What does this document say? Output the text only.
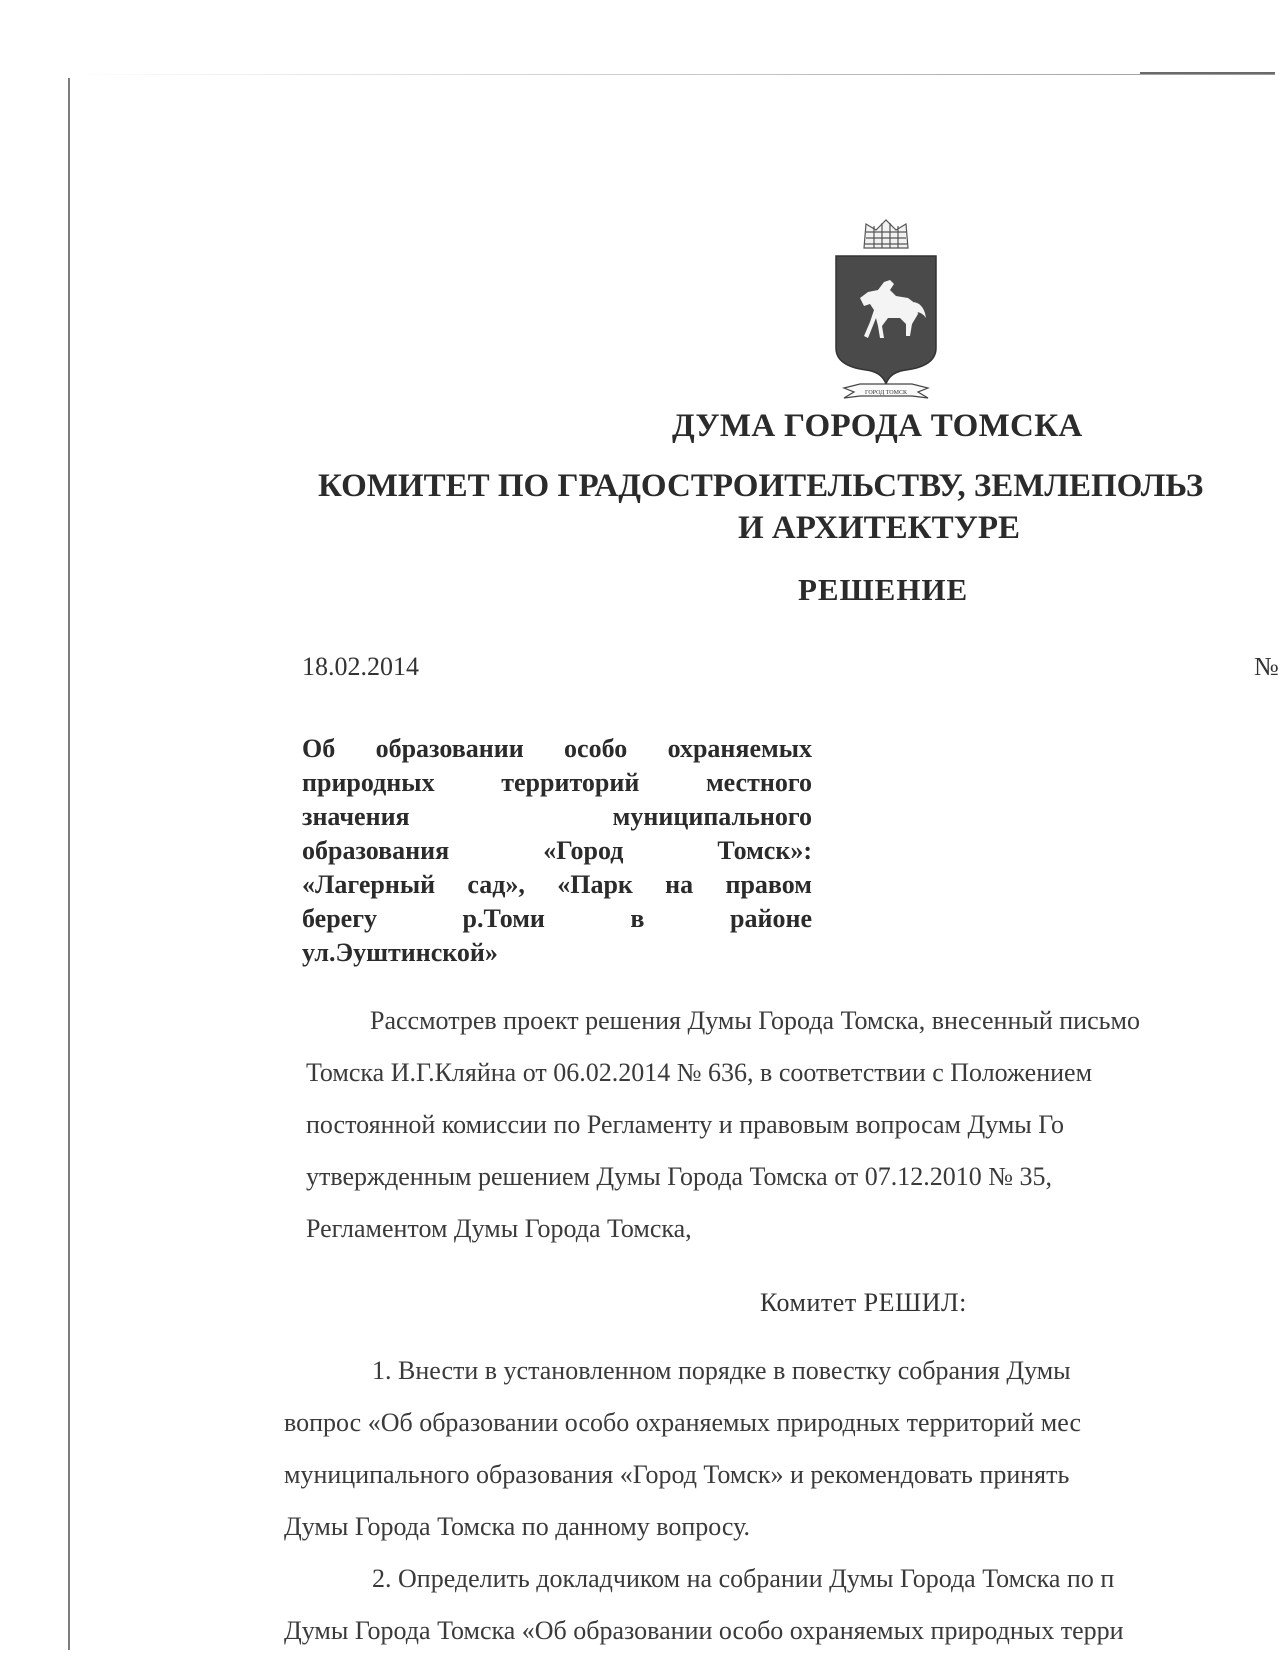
ГОРОД ТОМСК
ДУМА ГОРОДА ТОМСКА
КОМИТЕТ ПО ГРАДОСТРОИТЕЛЬСТВУ, ЗЕМЛЕПОЛЬЗ
И АРХИТЕКТУРЕ
РЕШЕНИЕ
18.02.2014	№
Об образовании особо охраняемых
природных территорий местного
значения муниципального
образования «Город Томск»:
«Лагерный сад», «Парк на правом
берегу р.Томи в районе
ул.Эуштинской»
Рассмотрев проект решения Думы Города Томска, внесенный письмо
Томска И.Г.Кляйна от 06.02.2014 № 636, в соответствии с Положением
постоянной комиссии по Регламенту и правовым вопросам Думы Го
утвержденным решением Думы Города Томска от 07.12.2010 № 35,
Регламентом Думы Города Томска,
Комитет РЕШИЛ:
1. Внести в установленном порядке в повестку собрания Думы
вопрос «Об образовании особо охраняемых природных территорий мес
муниципального образования «Город Томск» и рекомендовать принять
Думы Города Томска по данному вопросу.
2. Определить докладчиком на собрании Думы Города Томска по п
Думы Города Томска «Об образовании особо охраняемых природных терри
